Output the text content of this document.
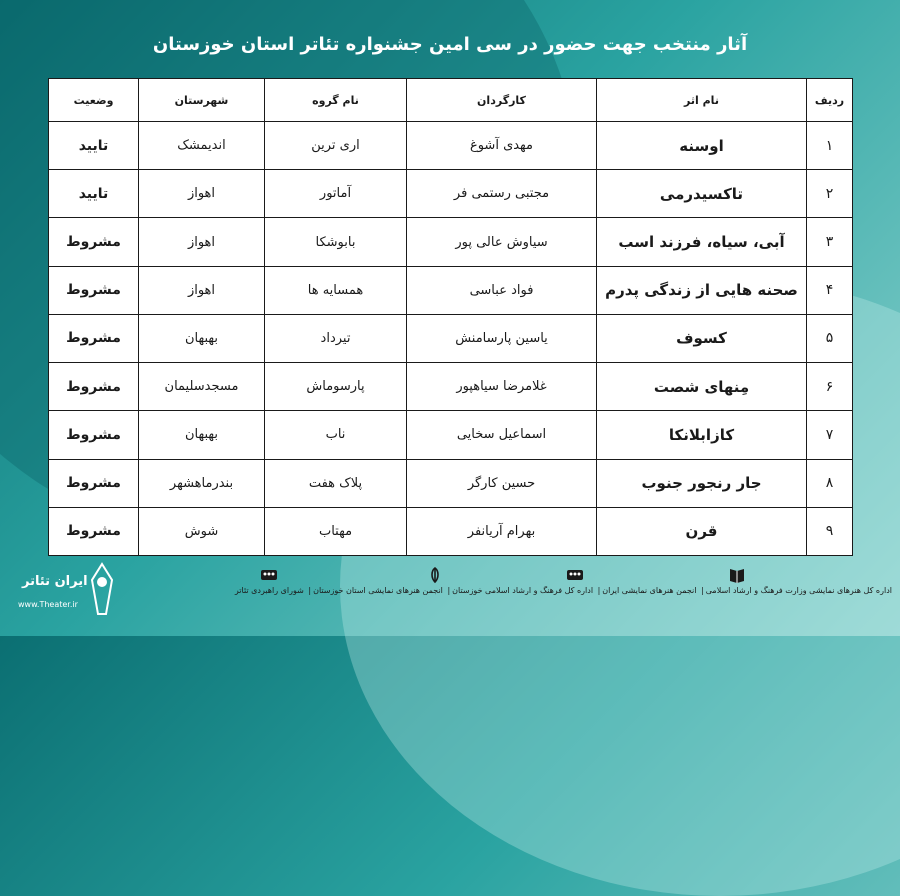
آثار منتخب جهت حضور در سی امین جشنواره تئاتر استان خوزستان
ردیف	نام اثر	کارگردان	نام گروه	شهرستان	وضعیت
۱	اوسنه	مهدی آشوغ	اری ترین	اندیمشک	تایید
۲	تاکسیدرمی	مجتبی رستمی فر	آماتور	اهواز	تایید
۳	آبی، سیاه، فرزند اسب	سیاوش عالی پور	بابوشکا	اهواز	مشروط
۴	صحنه هایی از زندگی پدرم	فواد عباسی	همسایه ها	اهواز	مشروط
۵	کسوف	یاسین پارسامنش	تیرداد	بهبهان	مشروط
۶	مِنهای شصت	غلامرضا سیاهپور	پارسوماش	مسجدسلیمان	مشروط
۷	کازابلانکا	اسماعیل سخایی	ناب	بهبهان	مشروط
۸	جار رنجور جنوب	حسین کارگر	پلاک هفت	بندرماهشهر	مشروط
۹	قرن	بهرام آریانفر	مهتاب	شوش	مشروط
ایران تئاتر
www.Theater.ir
اداره کل هنرهای نمایشی وزارت فرهنگ و ارشاد اسلامی| انجمن هنرهای نمایشی ایران| اداره کل فرهنگ و ارشاد اسلامی خوزستان| انجمن هنرهای نمایشی استان خوزستان| شورای راهبردی تئاتر
